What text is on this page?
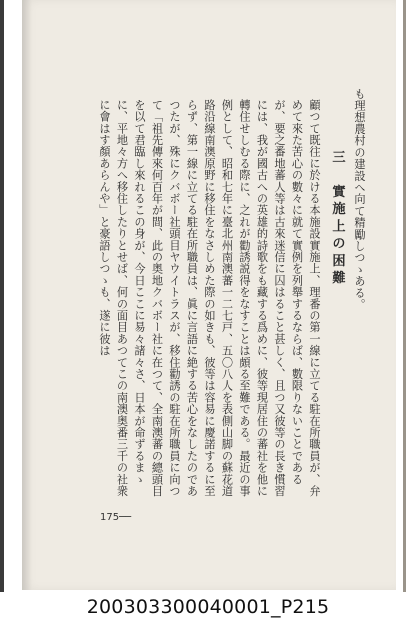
も理想農村の建設へ向て精勵しつゝある。

三　實施上の困難

顧つて既往に於ける本施設實施上、理番の第一線に立てる駐在所職員が、弁めて來た苦心の數々に就て實例を列舉するならば、數限りないことであるが、要之番地蕃人等は古來迷信に囚はること甚しく、且つ又彼等の長き慣習には、我が國古への英雄的詩歌をも藏する爲めに、彼等現居住の蕃社を他に轉住せしむる際に、之れが勸誘説得をなすことは頗る至難である。最近の事例として、昭和七年に臺北州南澳蕃一二七戸、五〇八人を表側山脚の蘇花道路沿線南澳原野に移住をなさしめた際の如きも、彼等は容易に慶諾するに至らず、第一線に立てる駐在所職員は、眞に言語に絶する苦心をなしたのであつたが、殊にクバボー社頭目ヤウイトラスが、移住勸誘の駐在所職員に向つて「祖先傳來何百年が間、此の奥地クバボー社に在つて、全南澳蕃の總頭目を以て君臨し來れるこの身が、今日ここに易々諸々さ、日本が命ずるまゝに、平地々方へ移住したりとせば、何の面目あつてこの南澳奥番三千の社衆に會はす顏あらんや」と豪語しつゝも、遂に彼は

175──
200303300040001_P215
